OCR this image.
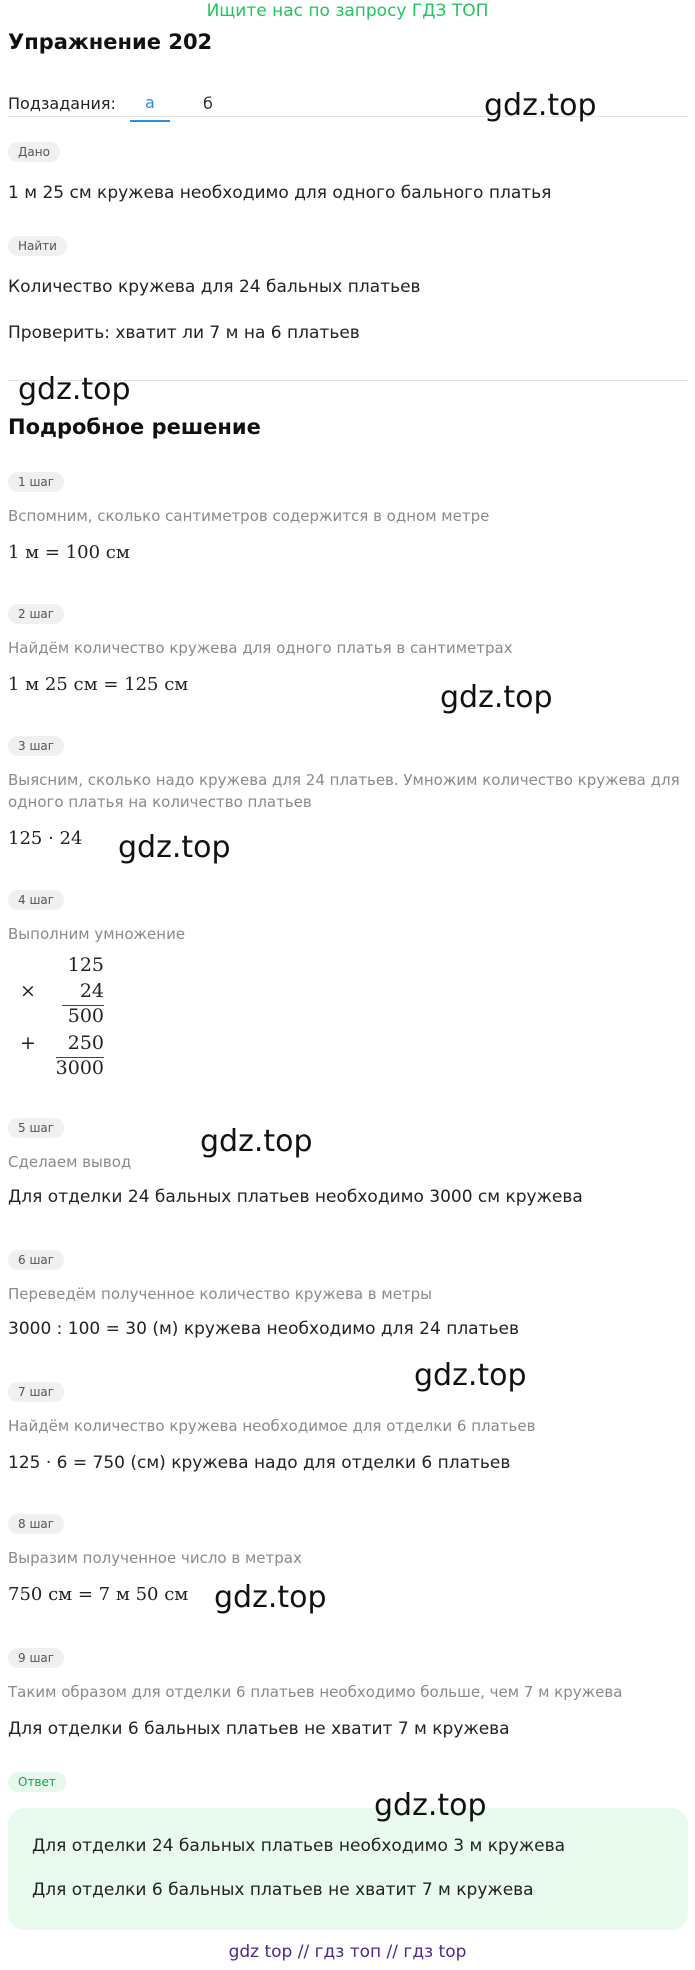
Ищите нас по запросу ГДЗ ТОП
Упражнение 202
Подзадания:	а	б	gdz.top
Дано
1 м 25 см кружева необходимо для одного бального платья
Найти
Количество кружева для 24 бальных платьев
Проверить: хватит ли 7 м на 6 платьев
gdz.top
Подробное решение
1 шаг
Вспомним, сколько сантиметров содержится в одном метре
1 м = 100 см
2 шаг
Найдём количество кружева для одного платья в сантиметрах
1 м 25 см = 125 см	gdz.top
3 шаг
Выясним, сколько надо кружева для 24 платьев. Умножим количество кружева для
одного платья на количество платьев
125 · 24 gdz.top
4 шаг
Выполним умножение
125
× 24
500
+ 250
3000
5 шаг
Сделаем вывод
Для отделки 24 бальных платьев необходимо 3000 см кружева
gdz.top
6 шаг
Переведём полученное количество кружева в метры
3000 : 100 = 30 (м) кружева необходимо для 24 платьев
gdz.top
7 шаг
Найдём количество кружева необходимое для отделки 6 платьев
125 · 6 = 750 (см) кружева надо для отделки 6 платьев
8 шаг
Выразим полученное число в метрах
750 см = 7 м 50 см gdz.top
9 шаг
Таким образом для отделки 6 платьев необходимо больше, чем 7 м кружева
Для отделки 6 бальных платьев не хватит 7 м кружева
Ответ
Для отделки 24 бальных платьев необходимо 3 м кружева
Для отделки 6 бальных платьев не хватит 7 м кружева
gdz.top
gdz top // гдз топ // гдз top
